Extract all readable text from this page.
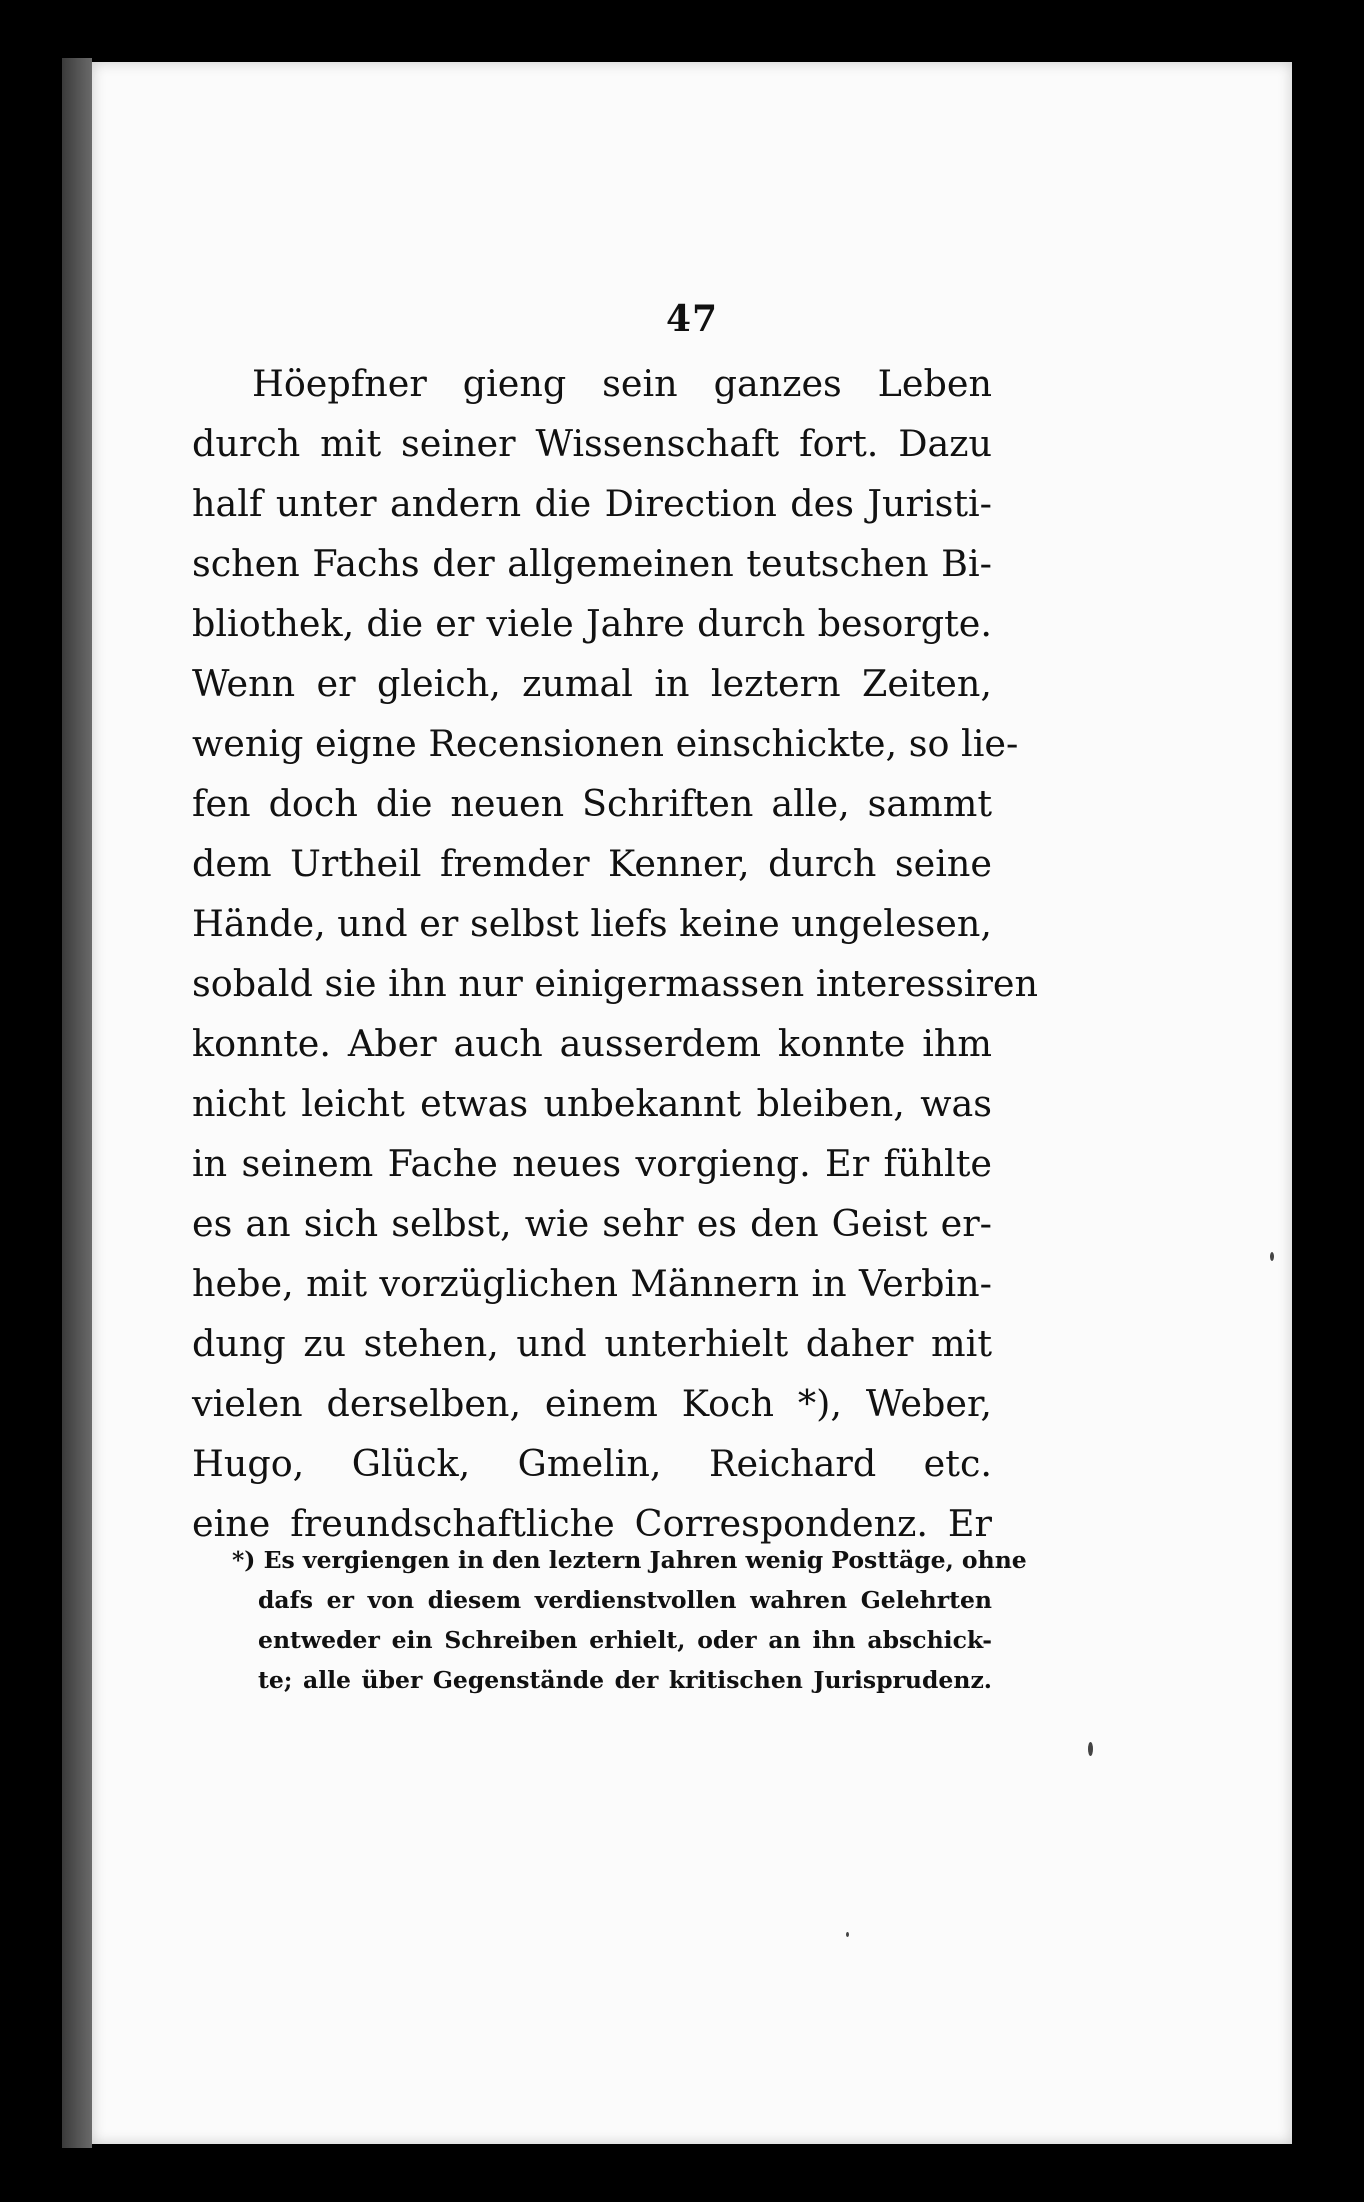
47
Höepfner gieng sein ganzes Leben
durch mit seiner Wissenschaft fort. Dazu
half unter andern die Direction des Juristi-
schen Fachs der allgemeinen teutschen Bi-
bliothek, die er viele Jahre durch besorgte.
Wenn er gleich, zumal in leztern Zeiten,
wenig eigne Recensionen einschickte, so lie-
fen doch die neuen Schriften alle, sammt
dem Urtheil fremder Kenner, durch seine
Hände, und er selbst liefs keine ungelesen,
sobald sie ihn nur einigermassen interessiren
konnte. Aber auch ausserdem konnte ihm
nicht leicht etwas unbekannt bleiben, was
in seinem Fache neues vorgieng. Er fühlte
es an sich selbst, wie sehr es den Geist er-
hebe, mit vorzüglichen Männern in Verbin-
dung zu stehen, und unterhielt daher mit
vielen derselben, einem Koch *), Weber,
Hugo, Glück, Gmelin, Reichard etc.
eine freundschaftliche Correspondenz. Er
*) Es vergiengen in den leztern Jahren wenig Posttäge, ohne
dafs er von diesem verdienstvollen wahren Gelehrten
entweder ein Schreiben erhielt, oder an ihn abschick-
te; alle über Gegenstände der kritischen Jurisprudenz.
